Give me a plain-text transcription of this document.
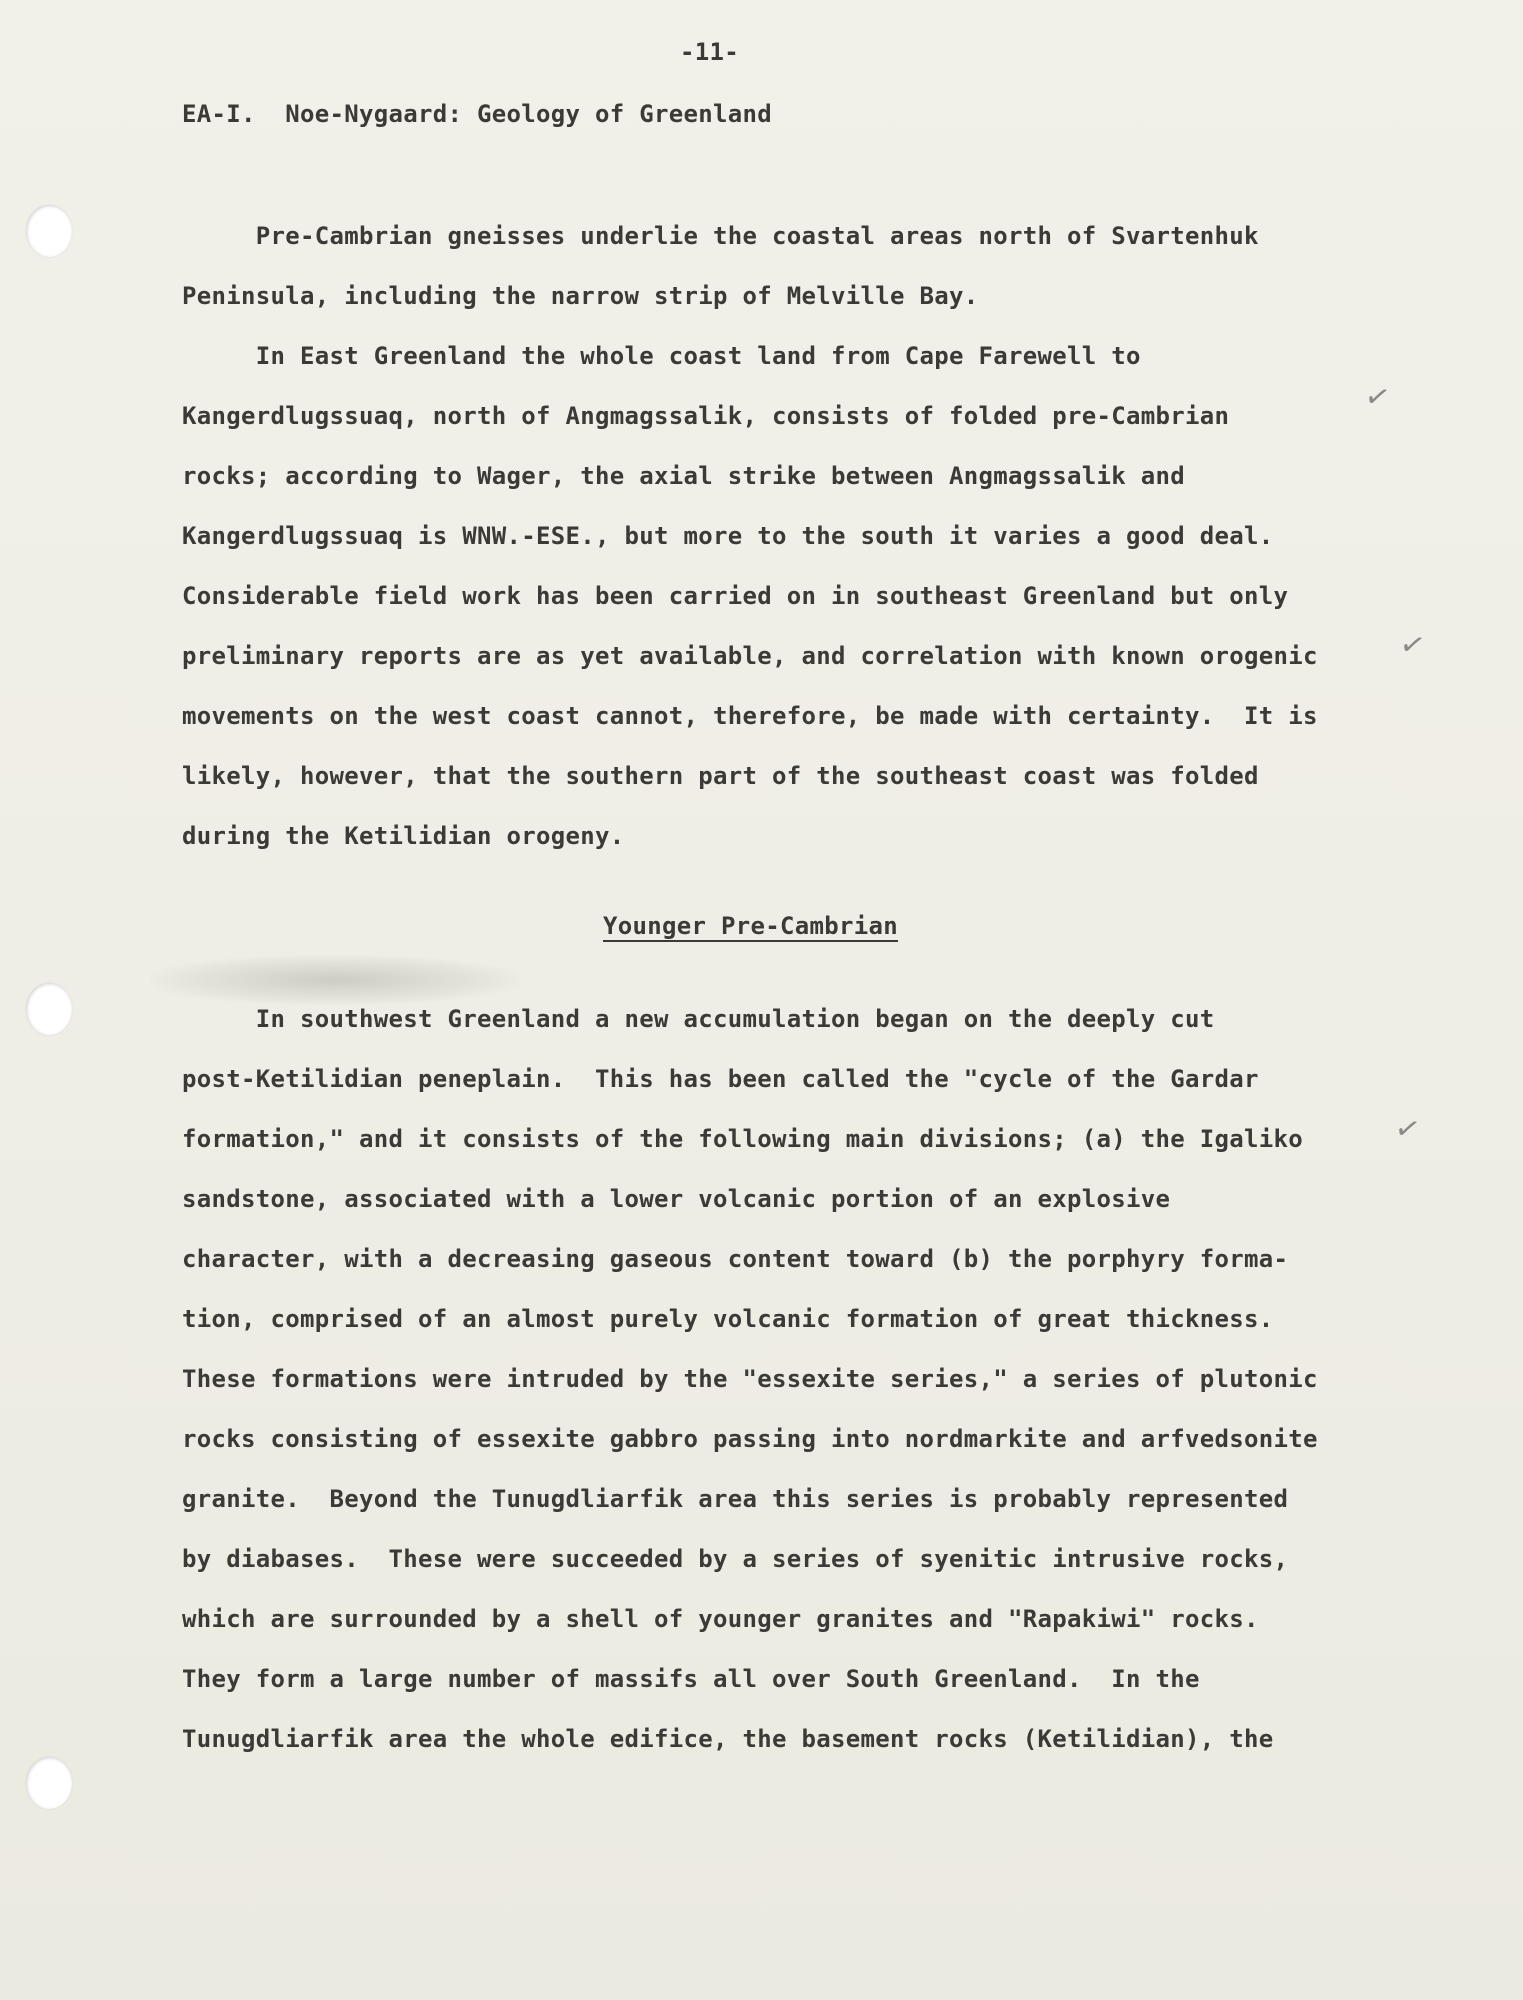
-11-
EA-I.  Noe-Nygaard: Geology of Greenland
Pre-Cambrian gneisses underlie the coastal areas north of Svartenhuk
Peninsula, including the narrow strip of Melville Bay.
In East Greenland the whole coast land from Cape Farewell to
Kangerdlugssuaq, north of Angmagssalik, consists of folded pre-Cambrian
rocks; according to Wager, the axial strike between Angmagssalik and
Kangerdlugssuaq is WNW.-ESE., but more to the south it varies a good deal.
Considerable field work has been carried on in southeast Greenland but only
preliminary reports are as yet available, and correlation with known orogenic
movements on the west coast cannot, therefore, be made with certainty.  It is
likely, however, that the southern part of the southeast coast was folded
during the Ketilidian orogeny.
Younger Pre-Cambrian
In southwest Greenland a new accumulation began on the deeply cut
post-Ketilidian peneplain.  This has been called the "cycle of the Gardar
formation," and it consists of the following main divisions; (a) the Igaliko
sandstone, associated with a lower volcanic portion of an explosive
character, with a decreasing gaseous content toward (b) the porphyry forma-
tion, comprised of an almost purely volcanic formation of great thickness.
These formations were intruded by the "essexite series," a series of plutonic
rocks consisting of essexite gabbro passing into nordmarkite and arfvedsonite
granite.  Beyond the Tunugdliarfik area this series is probably represented
by diabases.  These were succeeded by a series of syenitic intrusive rocks,
which are surrounded by a shell of younger granites and "Rapakiwi" rocks.
They form a large number of massifs all over South Greenland.  In the
Tunugdliarfik area the whole edifice, the basement rocks (Ketilidian), the
✓
✓
✓
